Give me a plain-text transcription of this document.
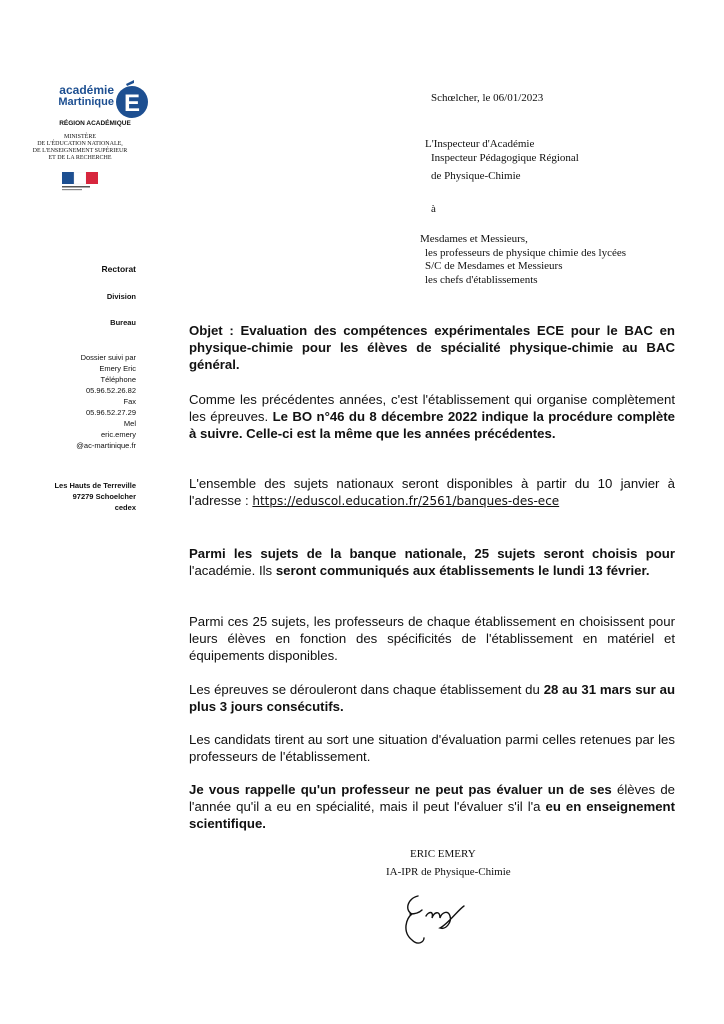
académie
Martinique E
RÉGION ACADÉMIQUE
MINISTÈRE
DE L'ÉDUCATION NATIONALE,
DE L'ENSEIGNEMENT SUPÉRIEUR
ET DE LA RECHERCHE
Rectorat
Division
Bureau
Dossier suivi par
Emery Eric
Téléphone
05.96.52.26.82
Fax
05.96.52.27.29
Mel
eric.emery
@ac-martinique.fr
Les Hauts de Terreville
97279 Schoelcher
cedex
Schœlcher, le 06/01/2023
L'Inspecteur d'Académie
Inspecteur Pédagogique Régional
de Physique-Chimie
à
Mesdames et Messieurs,
les professeurs de physique chimie des lycées
S/C de Mesdames et Messieurs
les chefs d'établissements
Objet : Evaluation des compétences expérimentales ECE pour le BAC en physique-chimie pour les élèves de spécialité physique-chimie au BAC général.
Comme les précédentes années, c'est l'établissement qui organise complètement les épreuves. Le BO n°46 du 8 décembre 2022 indique la procédure complète à suivre. Celle-ci est la même que les années précédentes.
L'ensemble des sujets nationaux seront disponibles à partir du 10 janvier à l'adresse : https://eduscol.education.fr/2561/banques-des-ece
Parmi les sujets de la banque nationale, 25 sujets seront choisis pour l'académie. Ils seront communiqués aux établissements le lundi 13 février.
Parmi ces 25 sujets, les professeurs de chaque établissement en choisissent pour leurs élèves en fonction des spécificités de l'établissement en matériel et équipements disponibles.
Les épreuves se dérouleront dans chaque établissement du 28 au 31 mars sur au plus 3 jours consécutifs.
Les candidats tirent au sort une situation d'évaluation parmi celles retenues par les professeurs de l'établissement.
Je vous rappelle qu'un professeur ne peut pas évaluer un de ses élèves de l'année qu'il a eu en spécialité, mais il peut l'évaluer s'il l'a eu en enseignement scientifique.
ERIC EMERY
IA-IPR de Physique-Chimie
